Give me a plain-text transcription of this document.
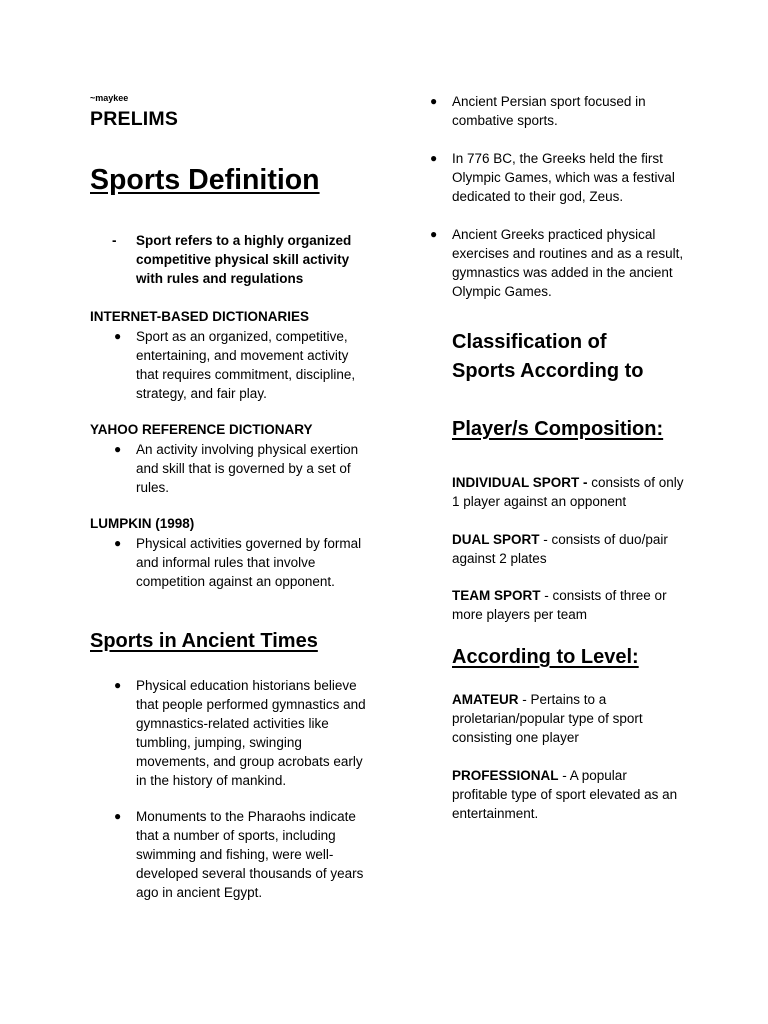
~maykee
PRELIMS
Sports Definition
- Sport refers to a highly organized competitive physical skill activity with rules and regulations
INTERNET-BASED DICTIONARIES
● Sport as an organized, competitive, entertaining, and movement activity that requires commitment, discipline, strategy, and fair play.
YAHOO REFERENCE DICTIONARY
● An activity involving physical exertion and skill that is governed by a set of rules.
LUMPKIN (1998)
● Physical activities governed by formal and informal rules that involve competition against an opponent.
Sports in Ancient Times
● Physical education historians believe that people performed gymnastics and gymnastics-related activities like tumbling, jumping, swinging movements, and group acrobats early in the history of mankind.
● Monuments to the Pharaohs indicate that a number of sports, including swimming and fishing, were well-developed several thousands of years ago in ancient Egypt.
● Ancient Persian sport focused in combative sports.
● In 776 BC, the Greeks held the first Olympic Games, which was a festival dedicated to their god, Zeus.
● Ancient Greeks practiced physical exercises and routines and as a result, gymnastics was added in the ancient Olympic Games.
Classification of
Sports According to
Player/s Composition:
INDIVIDUAL SPORT - consists of only 1 player against an opponent
DUAL SPORT - consists of duo/pair against 2 plates
TEAM SPORT - consists of three or more players per team
According to Level:
AMATEUR - Pertains to a proletarian/popular type of sport consisting one player
PROFESSIONAL - A popular profitable type of sport elevated as an entertainment.
